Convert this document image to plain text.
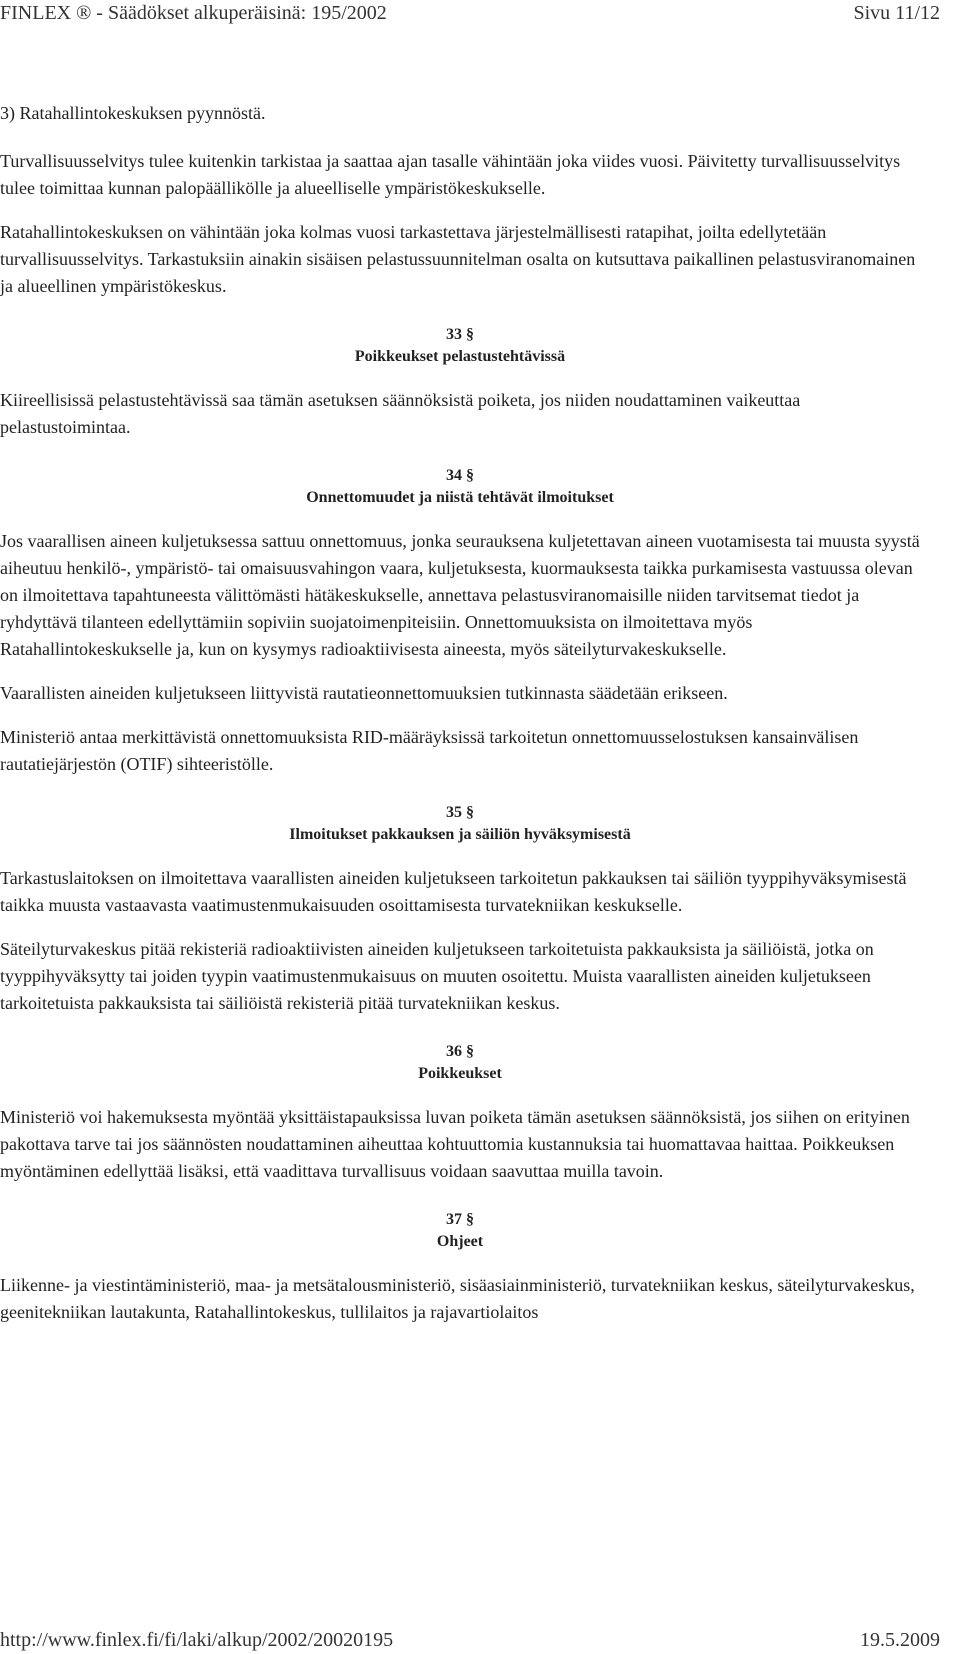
FINLEX ® - Säädökset alkuperäisinä: 195/2002	Sivu 11/12

3) Ratahallintokeskuksen pyynnöstä.

Turvallisuusselvitys tulee kuitenkin tarkistaa ja saattaa ajan tasalle vähintään joka viides vuosi. Päivitetty turvallisuusselvitys tulee toimittaa kunnan palopäällikölle ja alueelliselle ympäristökeskukselle.

Ratahallintokeskuksen on vähintään joka kolmas vuosi tarkastettava järjestelmällisesti ratapihat, joilta edellytetään turvallisuusselvitys. Tarkastuksiin ainakin sisäisen pelastussuunnitelman osalta on kutsuttava paikallinen pelastusviranomainen ja alueellinen ympäristökeskus.

33 §
Poikkeukset pelastustehtävissä

Kiireellisissä pelastustehtävissä saa tämän asetuksen säännöksistä poiketa, jos niiden noudattaminen vaikeuttaa pelastustoimintaa.

34 §
Onnettomuudet ja niistä tehtävät ilmoitukset

Jos vaarallisen aineen kuljetuksessa sattuu onnettomuus, jonka seurauksena kuljetettavan aineen vuotamisesta tai muusta syystä aiheutuu henkilö-, ympäristö- tai omaisuusvahingon vaara, kuljetuksesta, kuormauksesta taikka purkamisesta vastuussa olevan on ilmoitettava tapahtuneesta välittömästi hätäkeskukselle, annettava pelastusviranomaisille niiden tarvitsemat tiedot ja ryhdyttävä tilanteen edellyttämiin sopiviin suojatoimenpiteisiin. Onnettomuuksista on ilmoitettava myös Ratahallintokeskukselle ja, kun on kysymys radioaktiivisesta aineesta, myös säteilyturvakeskukselle.

Vaarallisten aineiden kuljetukseen liittyvistä rautatieonnettomuuksien tutkinnasta säädetään erikseen.

Ministeriö antaa merkittävistä onnettomuuksista RID-määräyksissä tarkoitetun onnettomuusselostuksen kansainvälisen rautatiejärjestön (OTIF) sihteeristölle.

35 §
Ilmoitukset pakkauksen ja säiliön hyväksymisestä

Tarkastuslaitoksen on ilmoitettava vaarallisten aineiden kuljetukseen tarkoitetun pakkauksen tai säiliön tyyppihyväksymisestä taikka muusta vastaavasta vaatimustenmukaisuuden osoittamisesta turvatekniikan keskukselle.

Säteilyturvakeskus pitää rekisteriä radioaktiivisten aineiden kuljetukseen tarkoitetuista pakkauksista ja säiliöistä, jotka on tyyppihyväksytty tai joiden tyypin vaatimustenmukaisuus on muuten osoitettu. Muista vaarallisten aineiden kuljetukseen tarkoitetuista pakkauksista tai säiliöistä rekisteriä pitää turvatekniikan keskus.

36 §
Poikkeukset

Ministeriö voi hakemuksesta myöntää yksittäistapauksissa luvan poiketa tämän asetuksen säännöksistä, jos siihen on erityinen pakottava tarve tai jos säännösten noudattaminen aiheuttaa kohtuuttomia kustannuksia tai huomattavaa haittaa. Poikkeuksen myöntäminen edellyttää lisäksi, että vaadittava turvallisuus voidaan saavuttaa muilla tavoin.

37 §
Ohjeet

Liikenne- ja viestintäministeriö, maa- ja metsätalousministeriö, sisäasiainministeriö, turvatekniikan keskus, säteilyturvakeskus, geenitekniikan lautakunta, Ratahallintokeskus, tullilaitos ja rajavartiolaitos

http://www.finlex.fi/fi/laki/alkup/2002/20020195	19.5.2009
